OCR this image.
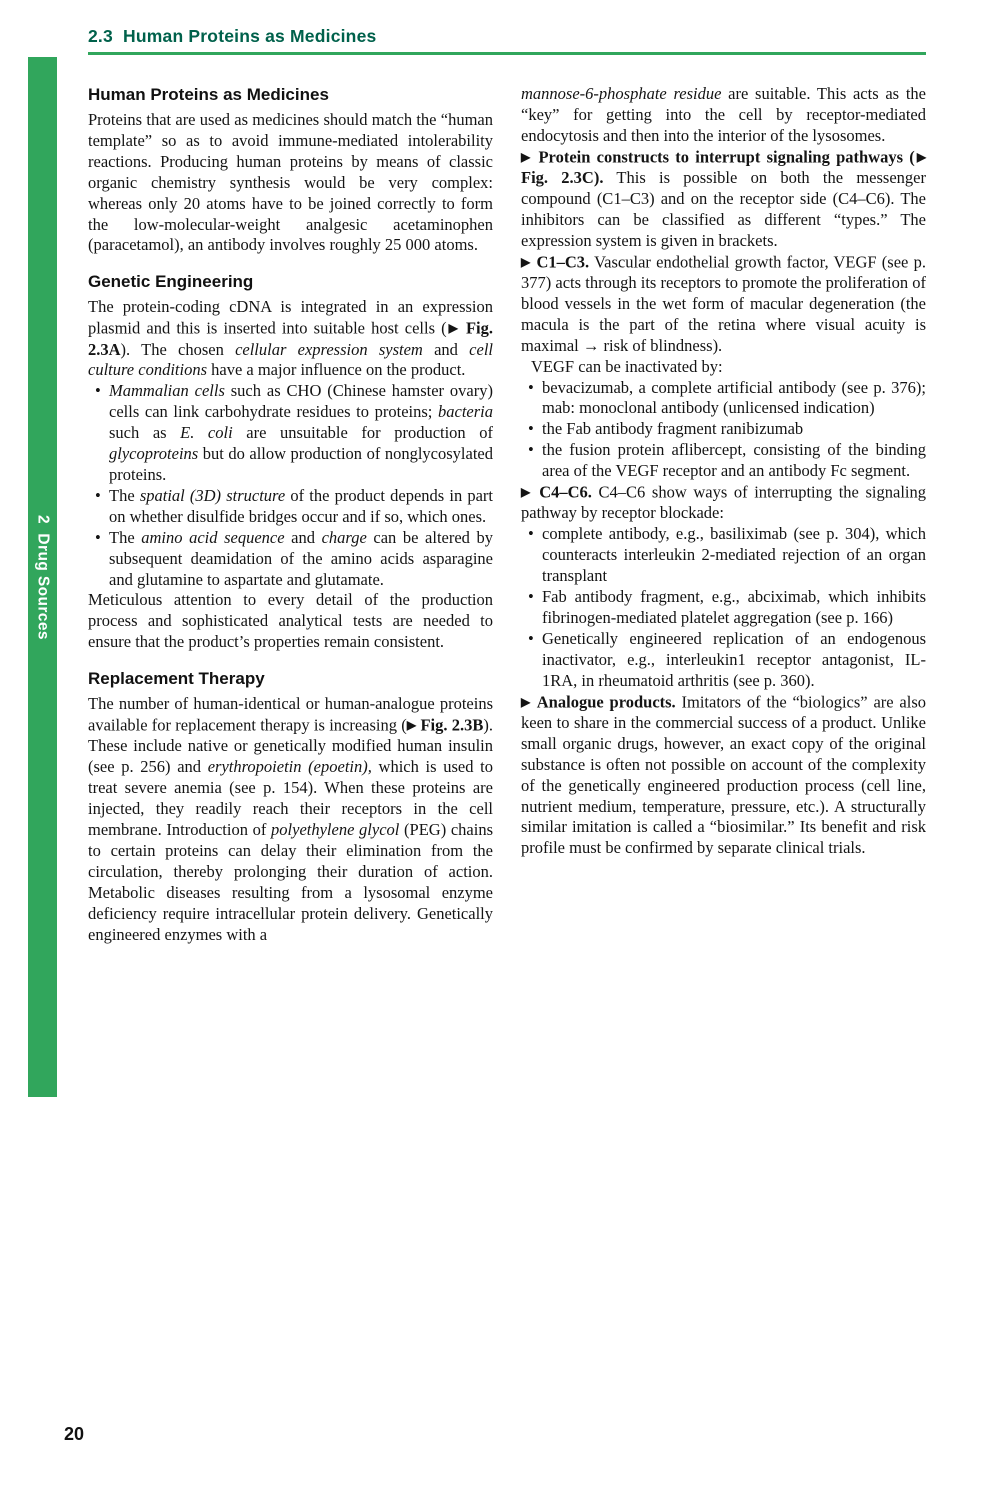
2.3  Human Proteins as Medicines
2  Drug Sources
Human Proteins as Medicines

Proteins that are used as medicines should match the “human template” so as to avoid immune-mediated intolerability reactions. Producing human proteins by means of classic organic chemistry synthesis would be very complex: whereas only 20 atoms have to be joined correctly to form the low-molecular-weight analgesic acetaminophen (paracetamol), an antibody involves roughly 25 000 atoms.

Genetic Engineering

The protein-coding cDNA is integrated in an expression plasmid and this is inserted into suitable host cells (▶ Fig. 2.3A). The chosen cellular expression system and cell culture conditions have a major influence on the product.

• Mammalian cells such as CHO (Chinese hamster ovary) cells can link carbohydrate residues to proteins; bacteria such as E. coli are unsuitable for production of glycoproteins but do allow production of nonglycosylated proteins.
• The spatial (3D) structure of the product depends in part on whether disulfide bridges occur and if so, which ones.
• The amino acid sequence and charge can be altered by subsequent deamidation of the amino acids asparagine and glutamine to aspartate and glutamate.

Meticulous attention to every detail of the production process and sophisticated analytical tests are needed to ensure that the product’s properties remain consistent.

Replacement Therapy

The number of human-identical or human-analogue proteins available for replacement therapy is increasing (▶ Fig. 2.3B). These include native or genetically modified human insulin (see p. 256) and erythropoietin (epoetin), which is used to treat severe anemia (see p. 154). When these proteins are injected, they readily reach their receptors in the cell membrane. Introduction of polyethylene glycol (PEG) chains to certain proteins can delay their elimination from the circulation, thereby prolonging their duration of action. Metabolic diseases resulting from a lysosomal enzyme deficiency require intracellular protein delivery. Genetically engineered enzymes with a

mannose-6-phosphate residue are suitable. This acts as the “key” for getting into the cell by receptor-mediated endocytosis and then into the interior of the lysosomes.

▶ Protein constructs to interrupt signaling pathways (▶ Fig. 2.3C). This is possible on both the messenger compound (C1–C3) and on the receptor side (C4–C6). The inhibitors can be classified as different “types.” The expression system is given in brackets.

▶ C1–C3. Vascular endothelial growth factor, VEGF (see p. 377) acts through its receptors to promote the proliferation of blood vessels in the wet form of macular degeneration (the macula is the part of the retina where visual acuity is maximal → risk of blindness).

VEGF can be inactivated by:

• bevacizumab, a complete artificial antibody (see p. 376); mab: monoclonal antibody (unlicensed indication)
• the Fab antibody fragment ranibizumab
• the fusion protein aflibercept, consisting of the binding area of the VEGF receptor and an antibody Fc segment.

▶ C4–C6. C4–C6 show ways of interrupting the signaling pathway by receptor blockade:

• complete antibody, e.g., basiliximab (see p. 304), which counteracts interleukin 2-mediated rejection of an organ transplant
• Fab antibody fragment, e.g., abciximab, which inhibits fibrinogen-mediated platelet aggregation (see p. 166)
• Genetically engineered replication of an endogenous inactivator, e.g., interleukin1 receptor antagonist, IL-1RA, in rheumatoid arthritis (see p. 360).

▶ Analogue products. Imitators of the “biologics” are also keen to share in the commercial success of a product. Unlike small organic drugs, however, an exact copy of the original substance is often not possible on account of the complexity of the genetically engineered production process (cell line, nutrient medium, temperature, pressure, etc.). A structurally similar imitation is called a “biosimilar.” Its benefit and risk profile must be confirmed by separate clinical trials.

20
